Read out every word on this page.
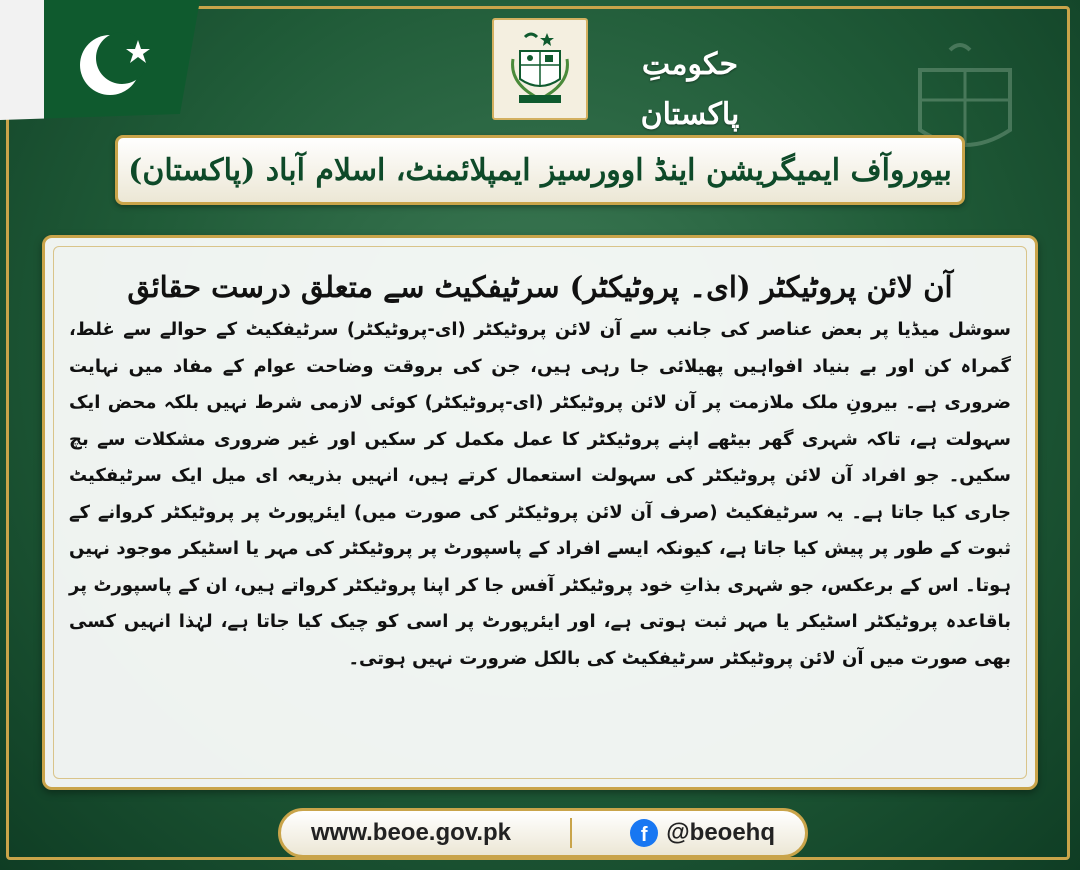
حکومتِ پاکستان
بیوروآف ایمیگریشن اینڈ اوورسیز ایمپلائمنٹ، اسلام آباد (پاکستان)
آن لائن پروٹیکٹر (ای۔ پروٹیکٹر) سرٹیفکیٹ سے متعلق درست حقائق
سوشل میڈیا پر بعض عناصر کی جانب سے آن لائن پروٹیکٹر (ای-پروٹیکٹر) سرٹیفکیٹ کے حوالے سے غلط، گمراہ کن اور بے بنیاد افواہیں پھیلائی جا رہی ہیں، جن کی بروقت وضاحت عوام کے مفاد میں نہایت ضروری ہے۔ بیرونِ ملک ملازمت پر آن لائن پروٹیکٹر (ای-پروٹیکٹر) کوئی لازمی شرط نہیں بلکہ محض ایک سہولت ہے، تاکہ شہری گھر بیٹھے اپنے پروٹیکٹر کا عمل مکمل کر سکیں اور غیر ضروری مشکلات سے بچ سکیں۔ جو افراد آن لائن پروٹیکٹر کی سہولت استعمال کرتے ہیں، انہیں بذریعہ ای میل ایک سرٹیفکیٹ جاری کیا جاتا ہے۔ یہ سرٹیفکیٹ (صرف آن لائن پروٹیکٹر کی صورت میں) ایئرپورٹ پر پروٹیکٹر کروانے کے ثبوت کے طور پر پیش کیا جاتا ہے، کیونکہ ایسے افراد کے پاسپورٹ پر پروٹیکٹر کی مہر یا اسٹیکر موجود نہیں ہوتا۔ اس کے برعکس، جو شہری بذاتِ خود پروٹیکٹر آفس جا کر اپنا پروٹیکٹر کرواتے ہیں، ان کے پاسپورٹ پر باقاعدہ پروٹیکٹر اسٹیکر یا مہر ثبت ہوتی ہے، اور ایئرپورٹ پر اسی کو چیک کیا جاتا ہے، لہٰذا انہیں کسی بھی صورت میں آن لائن پروٹیکٹر سرٹیفکیٹ کی بالکل ضرورت نہیں ہوتی۔
www.beoe.gov.pk	f @beoehq
